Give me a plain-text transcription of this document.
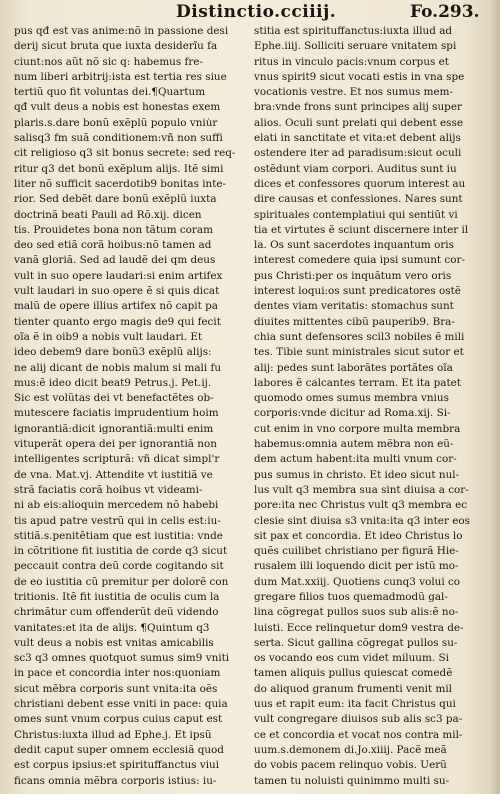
Distinctio.cciiij.	Fo.293.
pus qđ est vas anime:nõ in passione desi
derij sicut bruta que iuxta desiderĩu fa
ciunt:nos aũt nõ sic q: habemus fre-
num liberi arbitrij:ista est tertia res siue
tertiũ quo fit voluntas dei.¶Quartum
qđ vult deus a nobis est honestas exem
plaris.s.dare bonũ exẽplũ populo vniu̇r
salisq3 fm suã conditionem:vñ non suffi
cit religioso q3 sit bonus secrete: sed req-
ritur q3 det bonũ exẽplum alijs. Itẽ simi
liter nõ sufficit sacerdotib9 bonitas inte-
rior. Sed debẽt dare bonũ exẽplũ iuxta
doctrinã beati Pauli ad Rõ.xij. dicen
tis. Prouidetes bona non tãtum coram
deo sed etiã corã hoibus:nõ tamen ad
vanã gloriã. Sed ad laudẽ dei qm deus
vult in suo opere laudari:si enim artifex
vult laudari in suo opere ẽ si quis dicat
malũ de opere illius artifex nõ capit pa
tienter quanto ergo magis de9 qui fecit
oĩa ẽ in oib9 a nobis vult laudari. Et
ideo debem9 dare bonũ3 exẽplũ alijs:
ne alij dicant de nobis malum si mali fu
mus:ẽ ideo dicit beat9 Petrus.j. Pet.ij.
Sic est volũtas dei vt benefactẽtes ob-
mutescere faciatis imprudentium hoim
ignorantiã:dicit ignorantiã:multi enim
vituperãt opera dei per ignorantiã non
intelligentes scripturã: vñ dicat simpl'r
de vna. Mat.vj. Attendite vt iustitiã ve
strã faciatis corã hoibus vt videami-
ni ab eis:alioquin mercedem nõ habebi
tis apud patre vestrũ qui in celis est:iu-
stitiã.s.penitẽtiam que est iustitia: vnde
in cõtritione fit iustitia de corde q3 sicut
peccauit contra deũ corde cogitando sit
de eo iustitia cũ premitur per dolorẽ con
tritionis. Itẽ fit iustitia de oculis cum la
chrimãtur cum offenderũt deũ videndo
vanitates:et ita de alijs. ¶Quintum q3
vult deus a nobis est vnitas amicabilis
sc3 q3 omnes quotquot sumus sim9 vniti
in pace et concordia inter nos:quoniam
sicut mẽbra corporis sunt vnita:ita oẽs
christiani debent esse vniti in pace: quia
omes sunt vnum corpus cuius caput est
Christus:iuxta illud ad Ephe.j. Et ipsũ
dedit caput super omnem ecclesiã quod
est corpus ipsius:et spirituffanctus viui
ficans omnia mẽbra corporis istius: iu-
stitia est spirituffanctus:iuxta illud ad
Ephe.iiij. Solliciti seruare vnitatem spi
ritus in vinculo pacis:vnum corpus et
vnus spirit9 sicut vocati estis in vna spe
vocationis vestre. Et nos sumus mem-
bra:vnde frons sunt principes alij super
alios. Oculi sunt prelati qui debent esse
elati in sanctitate et vita:et debent alijs
ostendere iter ad paradisum:sicut oculi
ostẽdunt viam corpori. Auditus sunt iu
dices et confessores quorum interest au
dire causas et confessiones. Nares sunt
spirituales contemplatiui qui sentiũt vi
tia et virtutes ẽ sciunt discernere inter il
la. Os sunt sacerdotes inquantum oris
interest comedere quia ipsi sumunt cor-
pus Christi:per os inquãtum vero oris
interest loqui:os sunt predicatores ostẽ
dentes viam veritatis: stomachus sunt
diuites mittentes cibũ pauperib9. Bra-
chia sunt defensores scil3 nobiles ẽ mili
tes. Tibie sunt ministrales sicut sutor et
alij: pedes sunt laborãtes portãtes oĩa
labores ẽ calcantes terram. Et ita patet
quomodo omes sumus membra vnius
corporis:vnde dicitur ad Roma.xij. Si-
cut enim in vno corpore multa membra
habemus:omnia autem mẽbra non eũ-
dem actum habent:ita multi vnum cor-
pus sumus in christo. Et ideo sicut nul-
lus vult q3 membra sua sint diuisa a cor-
pore:ita nec Christus vult q3 membra ec
clesie sint diuisa s3 vnita:ita q3 inter eos
sit pax et concordia. Et ideo Christus lo
quẽs cuilibet christiano per figurã Hie-
rusalem illi loquendo dicit per istũ mo-
dum Mat.xxiij. Quotiens cunq3 volui co
gregare filios tuos quemadmodũ gal-
lina cõgregat pullos suos sub alis:ẽ no-
luisti. Ecce relinquetur dom9 vestra de-
serta. Sicut gallina cõgregat pullos su-
os vocando eos cum videt miluum. Si
tamen aliquis pullus quiescat comedẽ
do aliquod granum frumenti venit mil
uus et rapit eum: ita facit Christus qui
vult congregare diuisos sub alis sc3 pa-
ce et concordia et vocat nos contra mil-
uum.s.demonem di.Jo.xiiij. Pacẽ meã
do vobis pacem relinquo vobis. Uerũ
tamen tu noluisti quinimmo multi su-
